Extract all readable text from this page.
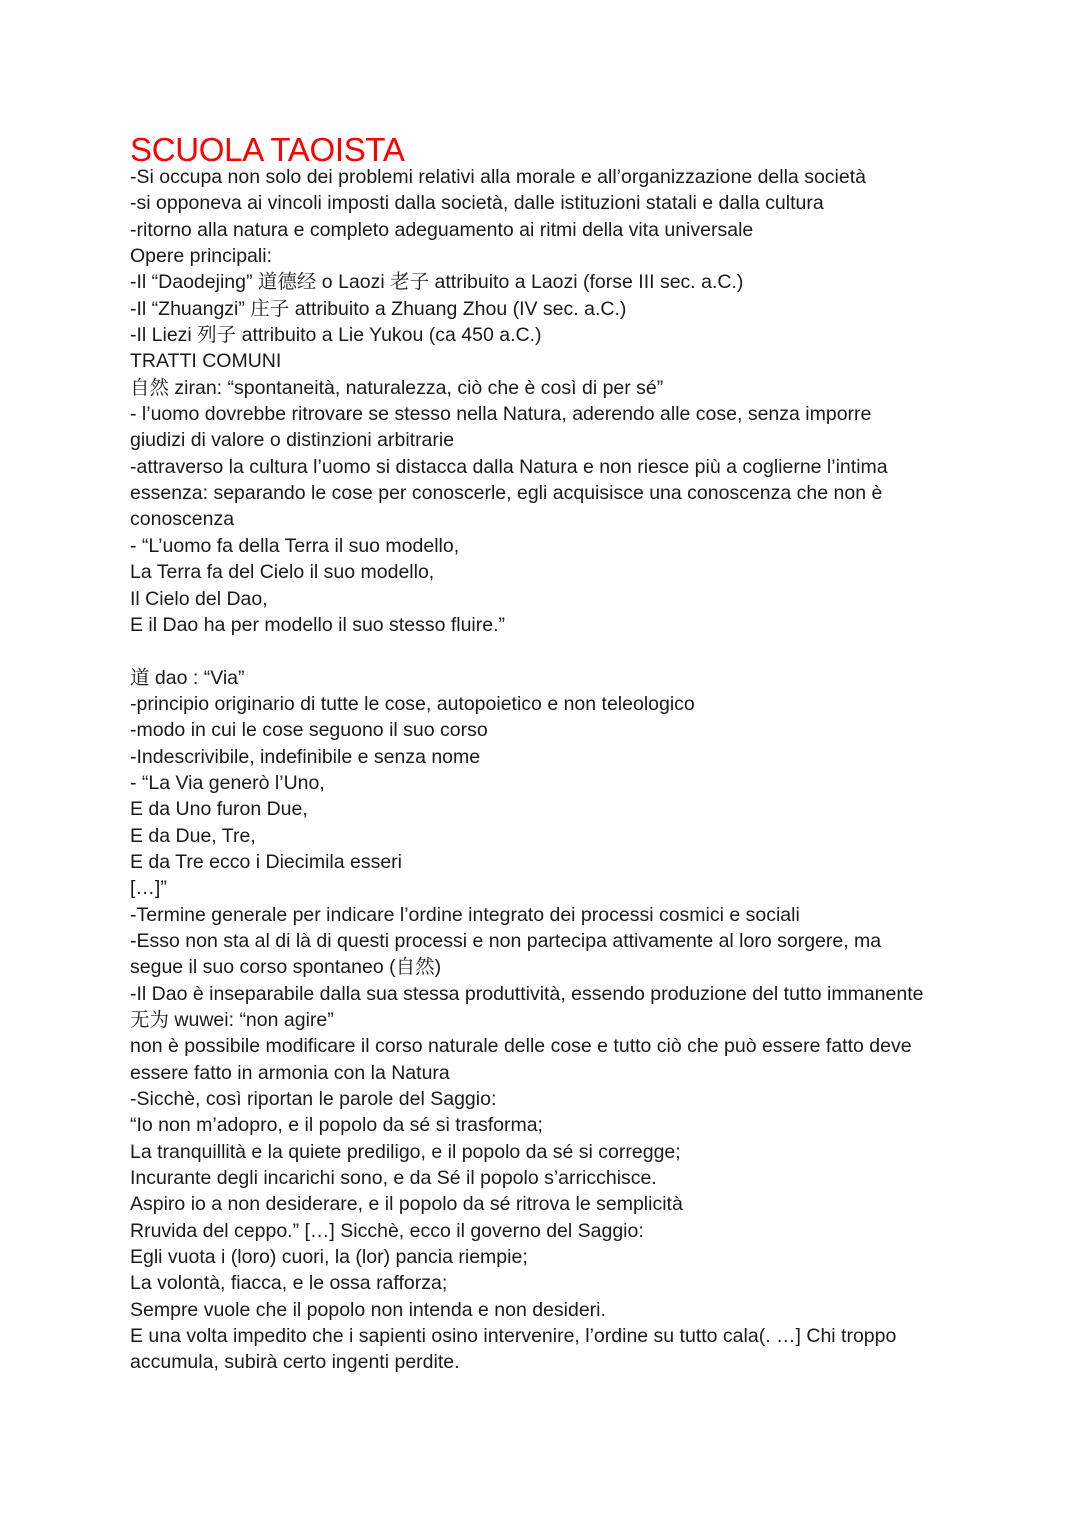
SCUOLA TAOISTA
-Si occupa non solo dei problemi relativi alla morale e all’organizzazione della società
-si opponeva ai vincoli imposti dalla società, dalle istituzioni statali e dalla cultura
-ritorno alla natura e completo adeguamento ai ritmi della vita universale
Opere principali:
-Il “Daodejing” 道德经 o Laozi 老子 attribuito a Laozi (forse III sec. a.C.)
-Il “Zhuangzi” 庄子 attribuito a Zhuang Zhou (IV sec. a.C.)
-Il Liezi 列子 attribuito a Lie Yukou (ca 450 a.C.)
TRATTI COMUNI
自然 ziran: “spontaneità, naturalezza, ciò che è così di per sé”
- l’uomo dovrebbe ritrovare se stesso nella Natura, aderendo alle cose, senza imporre
giudizi di valore o distinzioni arbitrarie
-attraverso la cultura l’uomo si distacca dalla Natura e non riesce più a coglierne l’intima
essenza: separando le cose per conoscerle, egli acquisisce una conoscenza che non è
conoscenza
- “L’uomo fa della Terra il suo modello,
La Terra fa del Cielo il suo modello,
Il Cielo del Dao,
E il Dao ha per modello il suo stesso fluire.”
道 dao : “Via”
-principio originario di tutte le cose, autopoietico e non teleologico
-modo in cui le cose seguono il suo corso
-Indescrivibile, indefinibile e senza nome
- “La Via generò l’Uno,
E da Uno furon Due,
E da Due, Tre,
E da Tre ecco i Diecimila esseri
[…]”
-Termine generale per indicare l’ordine integrato dei processi cosmici e sociali
-Esso non sta al di là di questi processi e non partecipa attivamente al loro sorgere, ma
segue il suo corso spontaneo (自然)
-Il Dao è inseparabile dalla sua stessa produttività, essendo produzione del tutto immanente
无为 wuwei: “non agire”
non è possibile modificare il corso naturale delle cose e tutto ciò che può essere fatto deve
essere fatto in armonia con la Natura
-Sicchè, così riportan le parole del Saggio:
“Io non m’adopro, e il popolo da sé si trasforma;
La tranquillità e la quiete prediligo, e il popolo da sé si corregge;
Incurante degli incarichi sono, e da Sé il popolo s’arricchisce.
Aspiro io a non desiderare, e il popolo da sé ritrova le semplicità
Rruvida del ceppo.” […] Sicchè, ecco il governo del Saggio:
Egli vuota i (loro) cuori, la (lor) pancia riempie;
La volontà, fiacca, e le ossa rafforza;
Sempre vuole che il popolo non intenda e non desideri.
E una volta impedito che i sapienti osino intervenire, l’ordine su tutto cala(. …] Chi troppo
accumula, subirà certo ingenti perdite.
